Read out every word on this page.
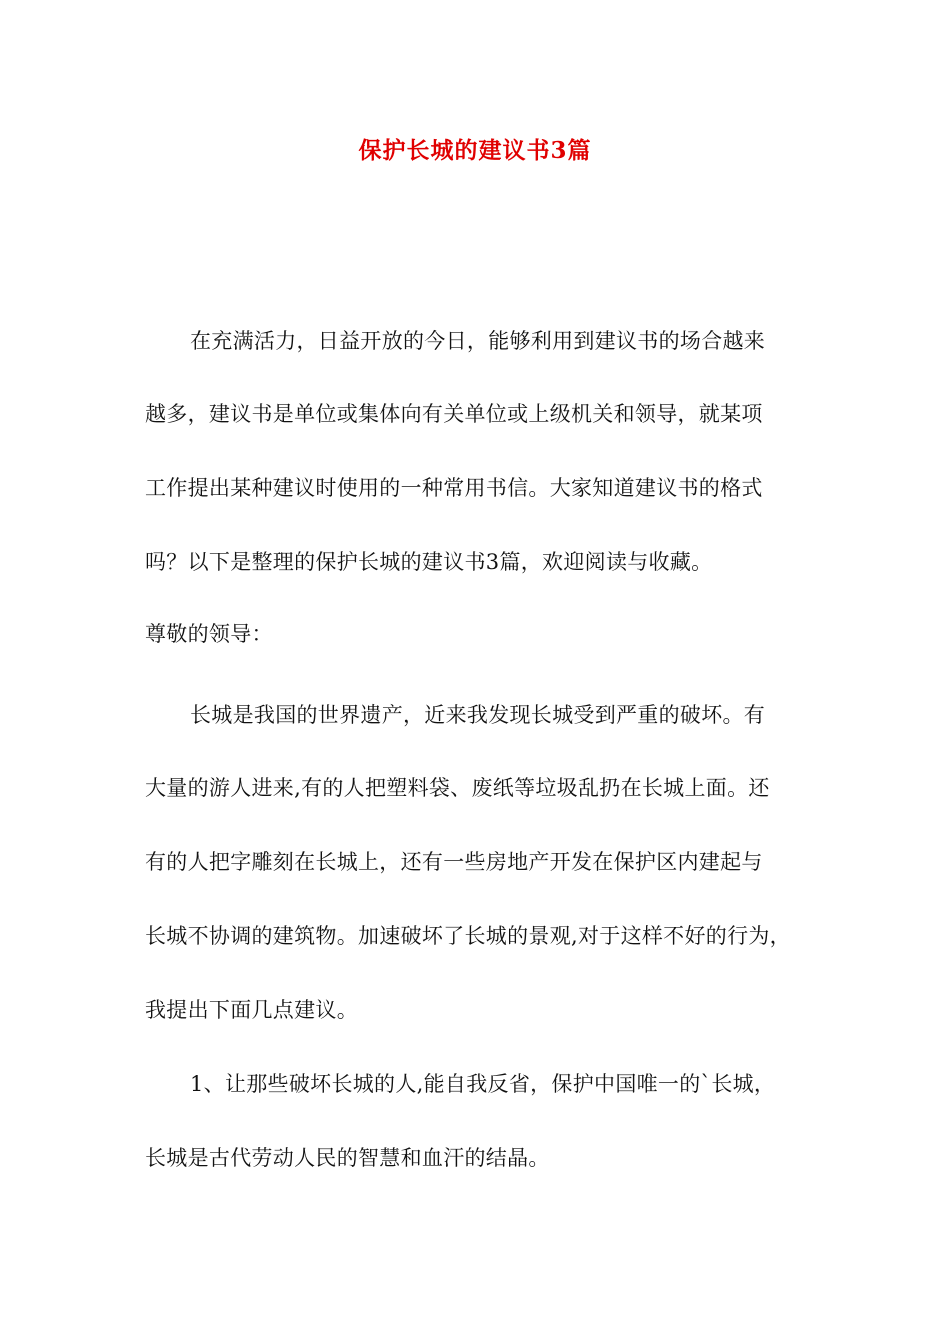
保护长城的建议书3篇
在充满活力，日益开放的今日，能够利用到建议书的场合越来
越多，建议书是单位或集体向有关单位或上级机关和领导，就某项
工作提出某种建议时使用的一种常用书信。大家知道建议书的格式
吗？以下是整理的保护长城的建议书3篇，欢迎阅读与收藏。
尊敬的领导：
长城是我国的世界遗产，近来我发现长城受到严重的破坏。有
大量的游人进来,有的人把塑料袋、废纸等垃圾乱扔在长城上面。还
有的人把字雕刻在长城上，还有一些房地产开发在保护区内建起与
长城不协调的建筑物。加速破坏了长城的景观,对于这样不好的行为，
我提出下面几点建议。
1、让那些破坏长城的人,能自我反省，保护中国唯一的`长城，
长城是古代劳动人民的智慧和血汗的结晶。
